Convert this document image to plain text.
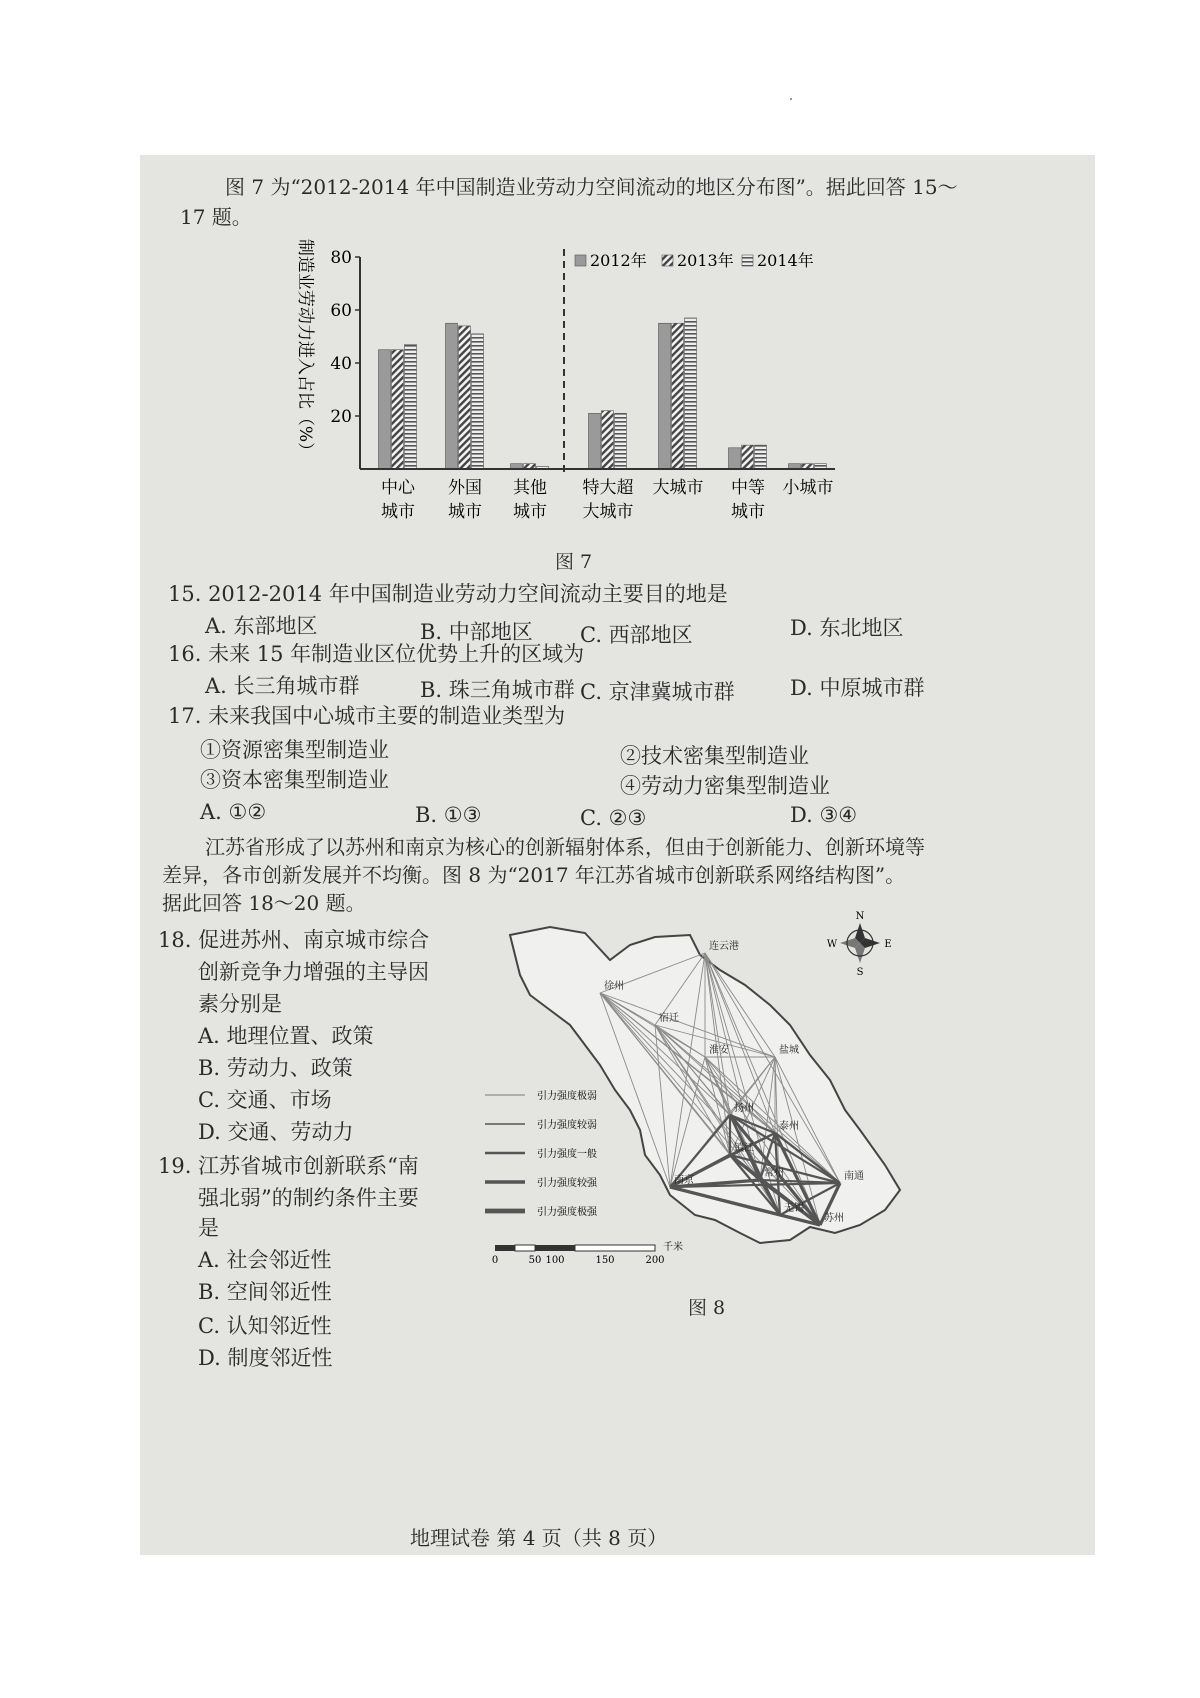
图 7 为“2012-2014 年中国制造业劳动力空间流动的地区分布图”。据此回答 15～
17 题。
制造业劳动力进入占比（%） 20
40
60
80
中心
城市
外国
城市
其他
城市
特大超
大城市
大城市 中等
城市
小城市
2012年 2013年 2014年
图 7
15. 2012-2014 年中国制造业劳动力空间流动主要目的地是
A. 东部地区	B. 中部地区 C. 西部地区	D. 东北地区
16. 未来 15 年制造业区位优势上升的区域为
A. 长三角城市群	B. 珠三角城市群 C. 京津冀城市群	D. 中原城市群
17. 未来我国中心城市主要的制造业类型为
①资源密集型制造业	②技术密集型制造业
③资本密集型制造业	④劳动力密集型制造业
A. ①②	B. ①③	C. ②③	D. ③④
江苏省形成了以苏州和南京为核心的创新辐射体系，但由于创新能力、创新环境等
差异，各市创新发展并不均衡。图 8 为“2017 年江苏省城市创新联系网络结构图”。
据此回答 18～20 题。
18. 促进苏州、南京城市综合
创新竞争力增强的主导因
素分别是
A. 地理位置、政策
B. 劳动力、政策
C. 交通、市场
D. 交通、劳动力
19. 江苏省城市创新联系“南
强北弱”的制约条件主要
是
A. 社会邻近性
B. 空间邻近性
C. 认知邻近性
D. 制度邻近性
N
S
E
W
徐州
连云港
宿迁
淮安	盐城
扬州
泰州
南通
南京
镇江
常州
无锡
苏州
引力强度极弱
引力强度较弱
引力强度一般
引力强度较强
引力强度极强
0	50 100	150	200
千米
图 8
地理试卷 第 4 页（共 8 页）
